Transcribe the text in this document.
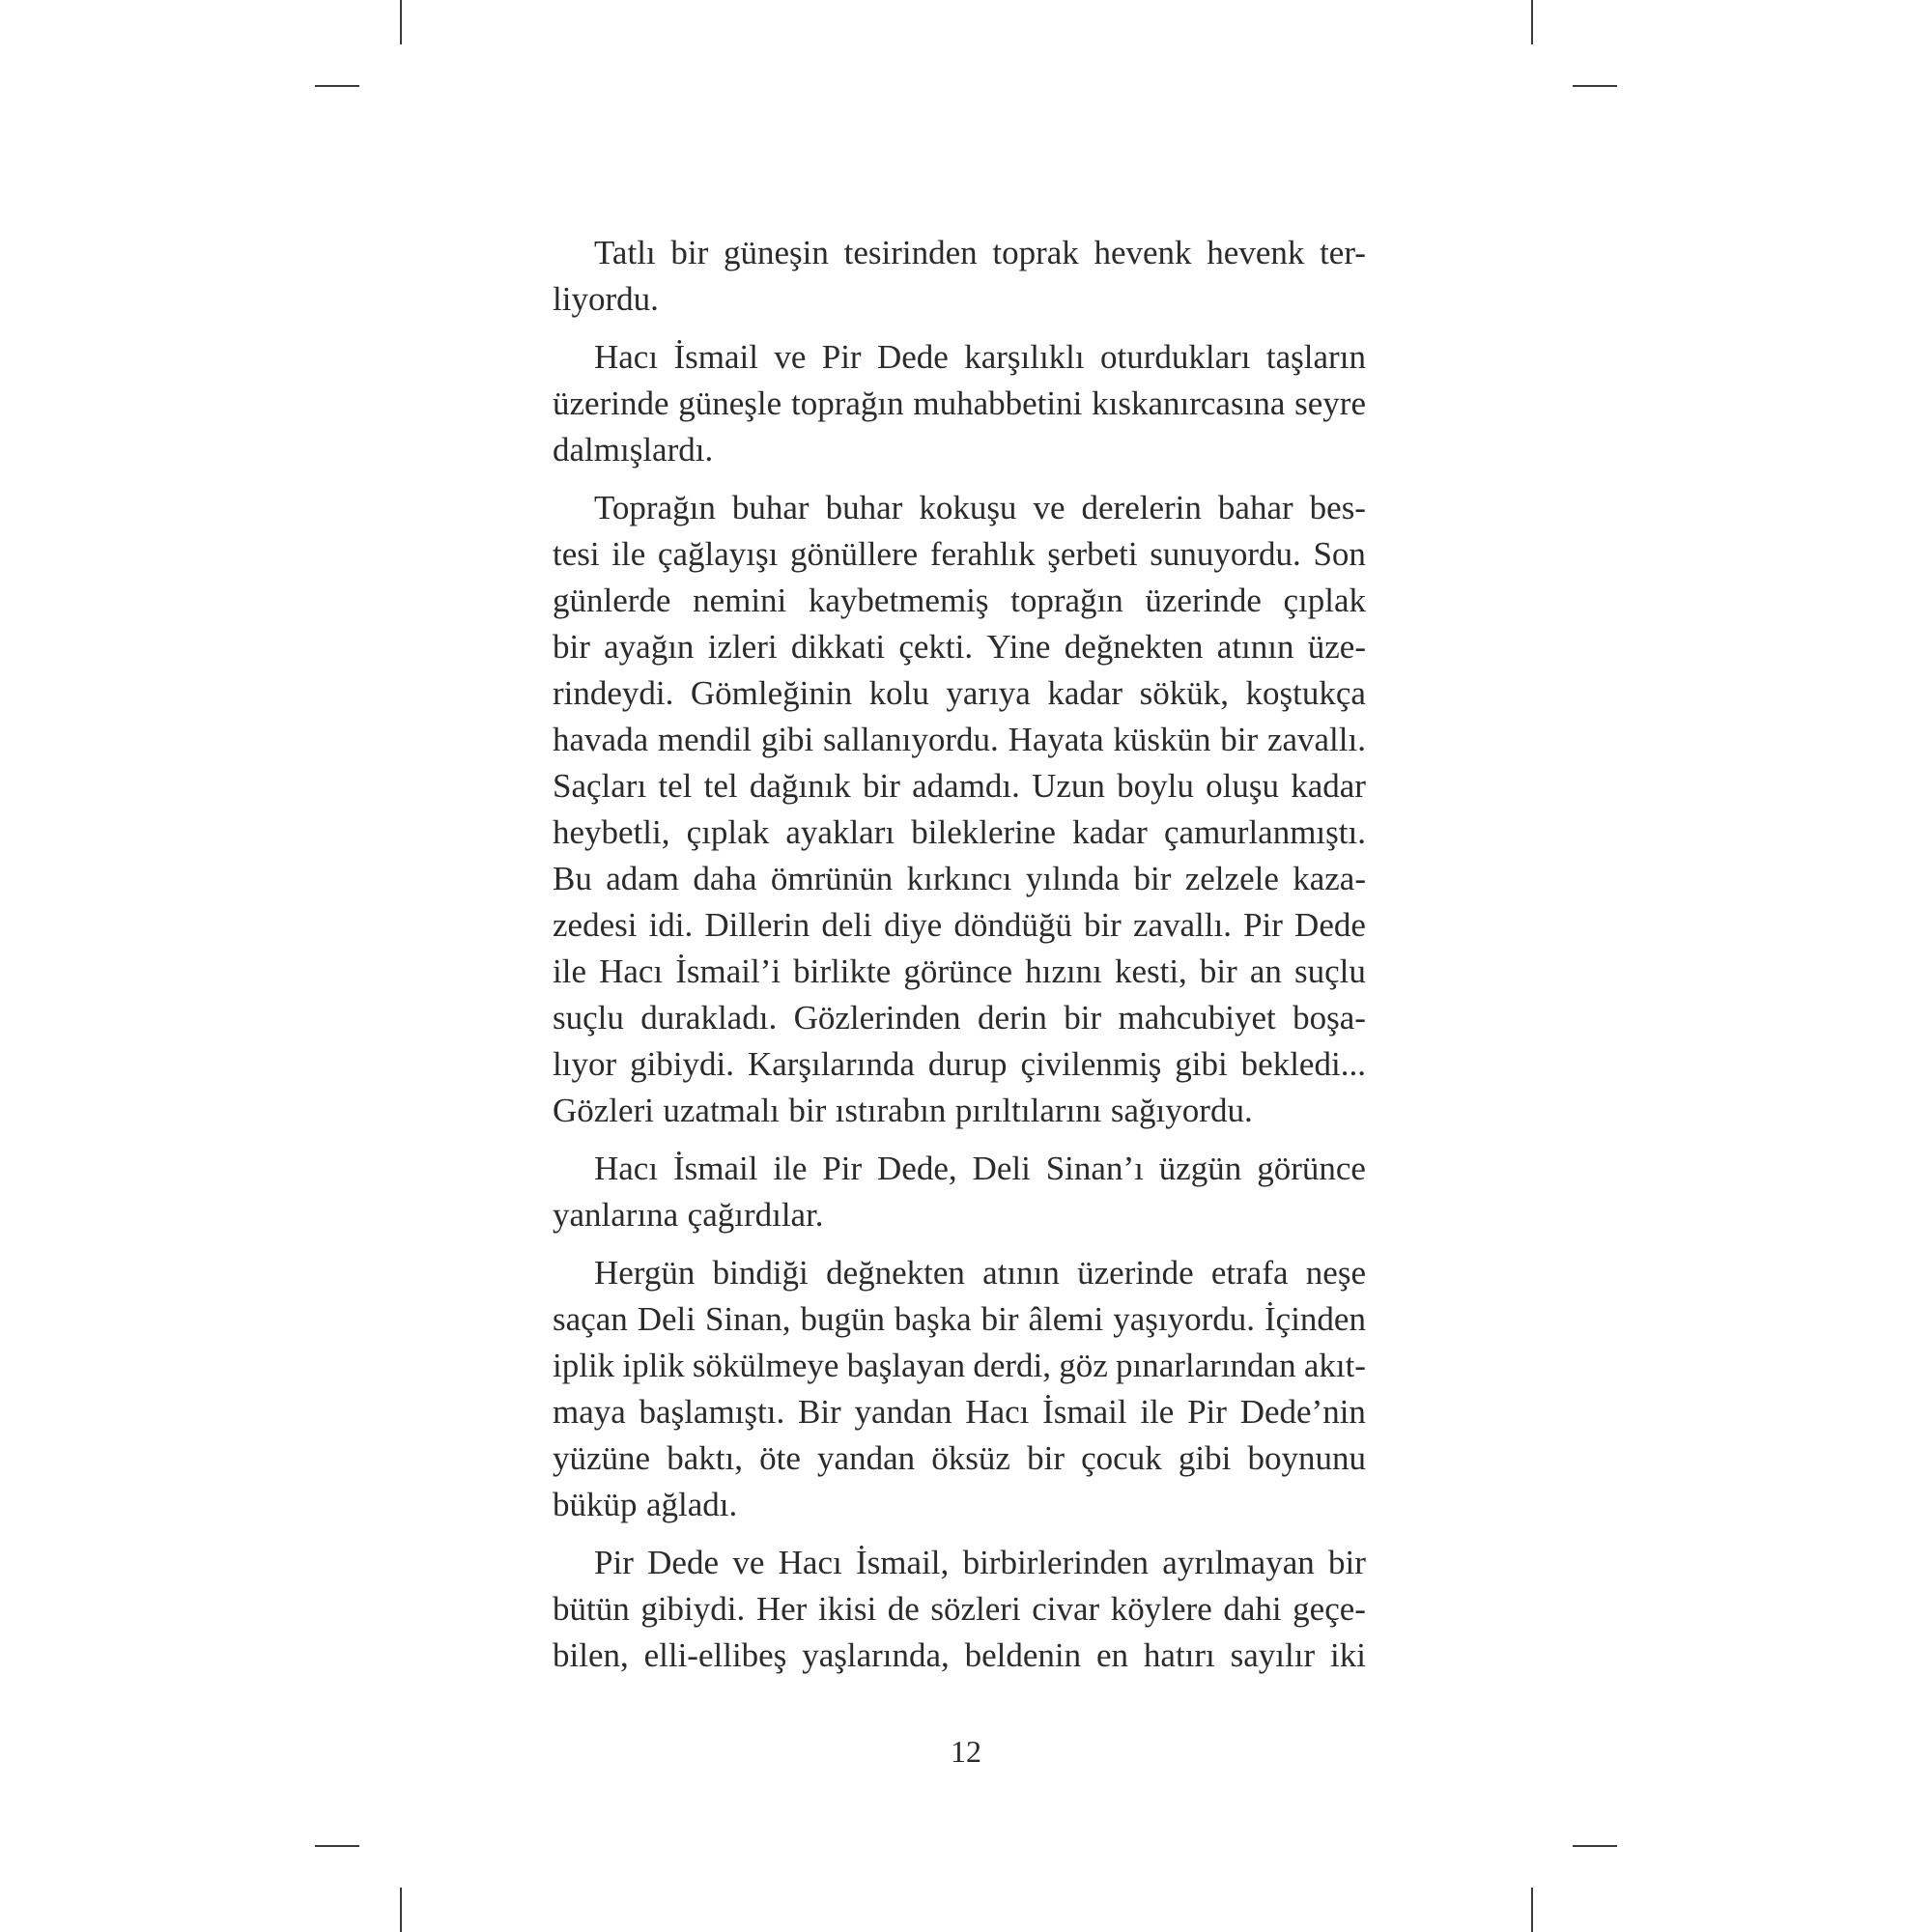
Tatlı bir güneşin tesirinden toprak hevenk hevenk ter-
liyordu.
Hacı İsmail ve Pir Dede karşılıklı oturdukları taşların
üzerinde güneşle toprağın muhabbetini kıskanırcasına seyre
dalmışlardı.
Toprağın buhar buhar kokuşu ve derelerin bahar bes-
tesi ile çağlayışı gönüllere ferahlık şerbeti sunuyordu. Son
günlerde nemini kaybetmemiş toprağın üzerinde çıplak
bir ayağın izleri dikkati çekti. Yine değnekten atının üze-
rindeydi. Gömleğinin kolu yarıya kadar sökük, koştukça
havada mendil gibi sallanıyordu. Hayata küskün bir zavallı.
Saçları tel tel dağınık bir adamdı. Uzun boylu oluşu kadar
heybetli, çıplak ayakları bileklerine kadar çamurlanmıştı.
Bu adam daha ömrünün kırkıncı yılında bir zelzele kaza-
zedesi idi. Dillerin deli diye döndüğü bir zavallı. Pir Dede
ile Hacı İsmail’i birlikte görünce hızını kesti, bir an suçlu
suçlu durakladı. Gözlerinden derin bir mahcubiyet boşa-
lıyor gibiydi. Karşılarında durup çivilenmiş gibi bekledi...
Gözleri uzatmalı bir ıstırabın pırıltılarını sağıyordu.
Hacı İsmail ile Pir Dede, Deli Sinan’ı üzgün görünce
yanlarına çağırdılar.
Hergün bindiği değnekten atının üzerinde etrafa neşe
saçan Deli Sinan, bugün başka bir âlemi yaşıyordu. İçinden
iplik iplik sökülmeye başlayan derdi, göz pınarlarından akıt-
maya başlamıştı. Bir yandan Hacı İsmail ile Pir Dede’nin
yüzüne baktı, öte yandan öksüz bir çocuk gibi boynunu
büküp ağladı.
Pir Dede ve Hacı İsmail, birbirlerinden ayrılmayan bir
bütün gibiydi. Her ikisi de sözleri civar köylere dahi geçe-
bilen, elli-ellibeş yaşlarında, beldenin en hatırı sayılır iki
12
